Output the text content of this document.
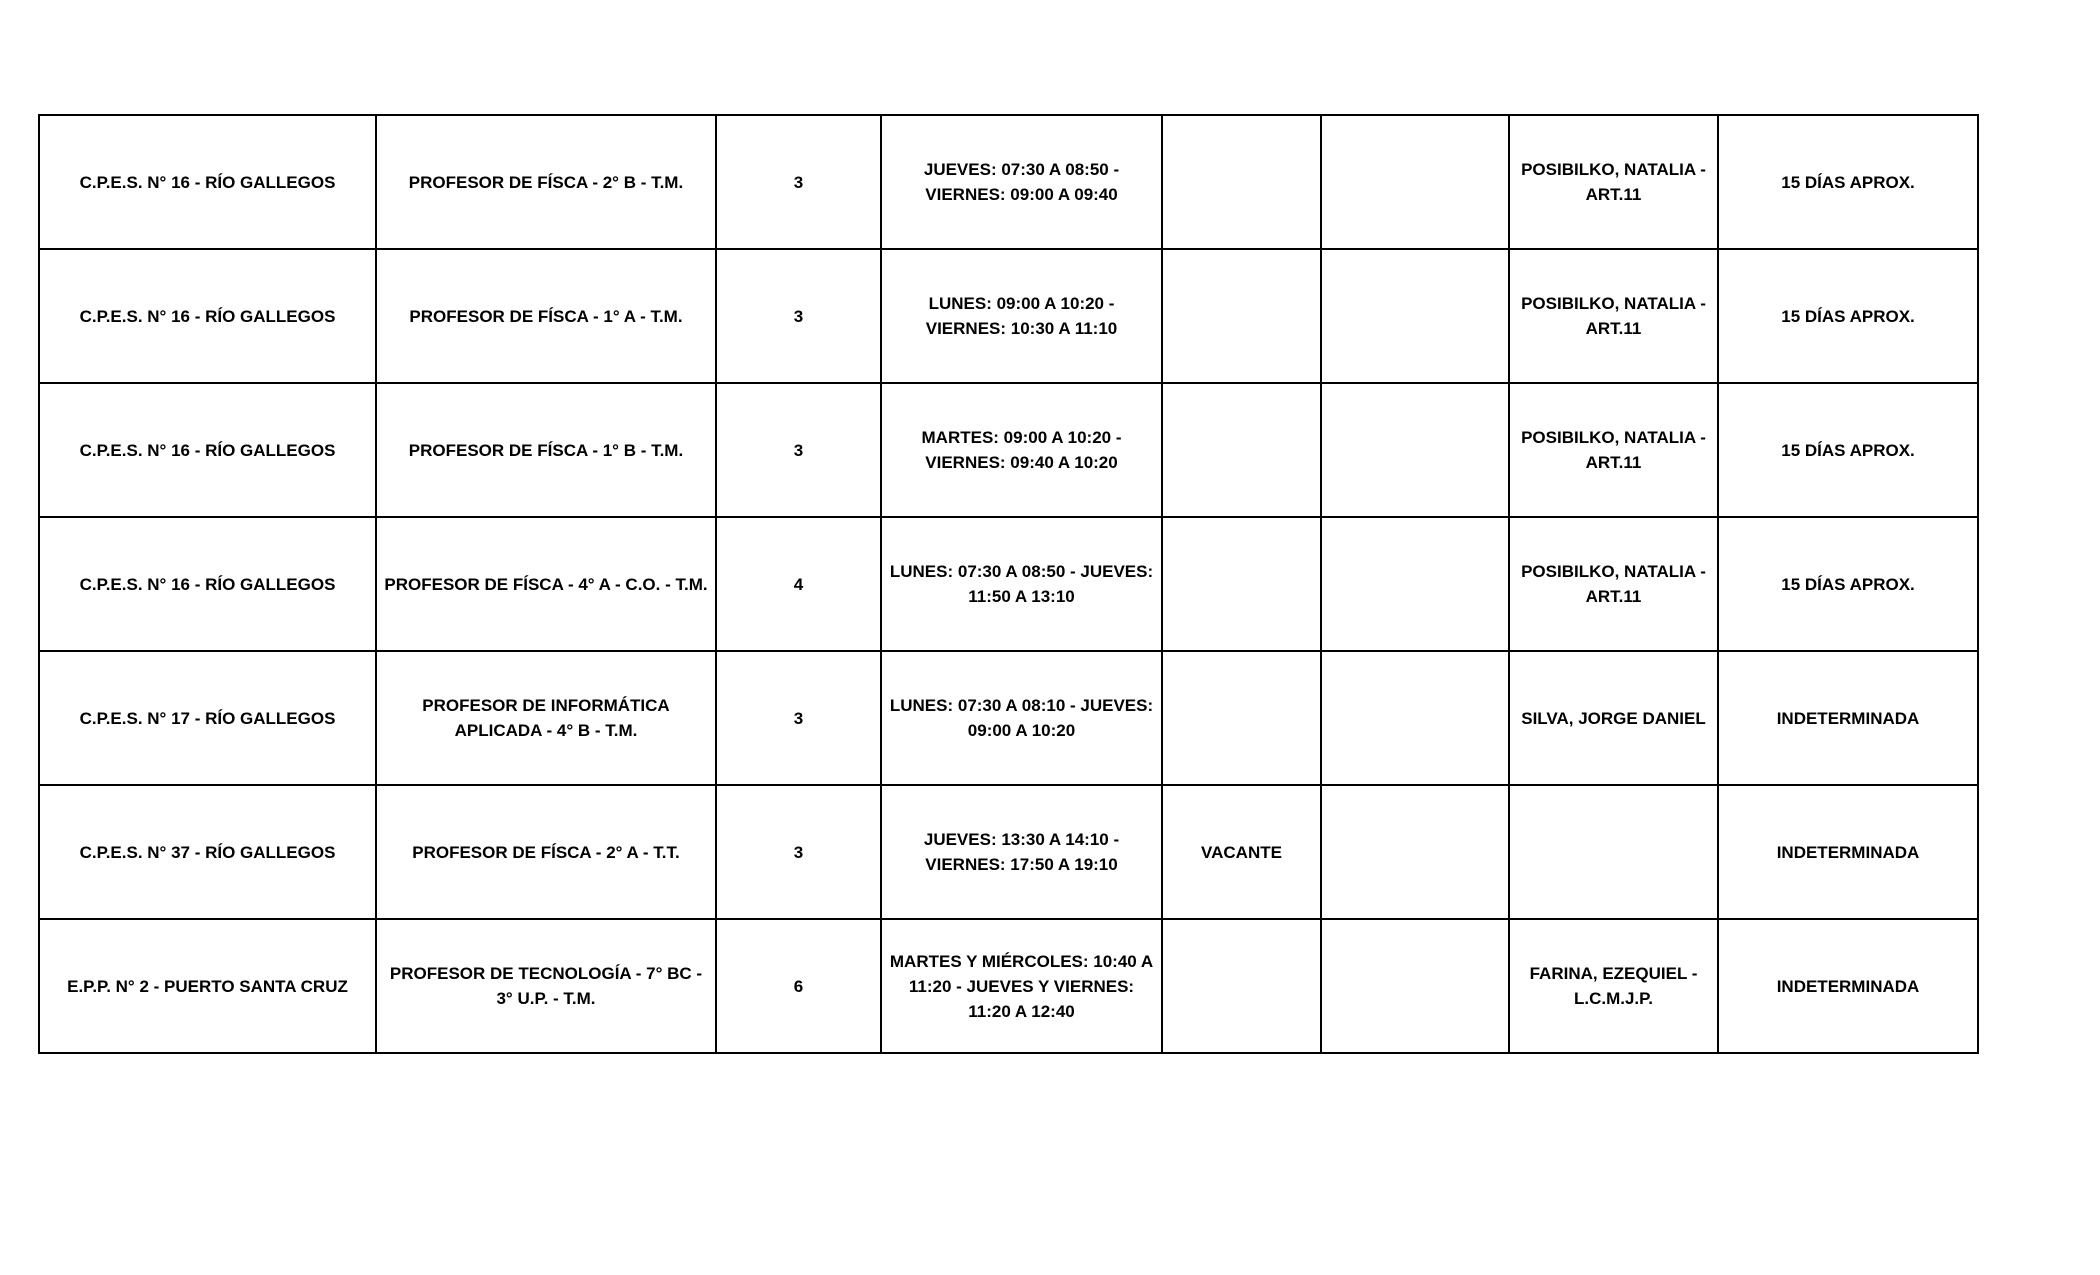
C.P.E.S. N° 16 - RÍO GALLEGOS	PROFESOR DE FÍSCA - 2° B - T.M.	3	JUEVES: 07:30 A 08:50 - VIERNES: 09:00 A 09:40			POSIBILKO, NATALIA - ART.11	15 DÍAS APROX.
C.P.E.S. N° 16 - RÍO GALLEGOS	PROFESOR DE FÍSCA - 1° A - T.M.	3	LUNES: 09:00 A 10:20 - VIERNES: 10:30 A 11:10			POSIBILKO, NATALIA - ART.11	15 DÍAS APROX.
C.P.E.S. N° 16 - RÍO GALLEGOS	PROFESOR DE FÍSCA - 1° B - T.M.	3	MARTES: 09:00 A 10:20 - VIERNES: 09:40 A 10:20			POSIBILKO, NATALIA - ART.11	15 DÍAS APROX.
C.P.E.S. N° 16 - RÍO GALLEGOS	PROFESOR DE FÍSCA - 4° A - C.O. - T.M.	4	LUNES: 07:30 A 08:50 - JUEVES: 11:50 A 13:10			POSIBILKO, NATALIA - ART.11	15 DÍAS APROX.
C.P.E.S. N° 17 - RÍO GALLEGOS	PROFESOR DE INFORMÁTICA APLICADA - 4° B - T.M.	3	LUNES: 07:30 A 08:10 - JUEVES: 09:00 A 10:20			SILVA, JORGE DANIEL	INDETERMINADA
C.P.E.S. N° 37 - RÍO GALLEGOS	PROFESOR DE FÍSCA - 2° A - T.T.	3	JUEVES: 13:30 A 14:10 - VIERNES: 17:50 A 19:10	VACANTE			INDETERMINADA
E.P.P. N° 2 - PUERTO SANTA CRUZ	PROFESOR DE TECNOLOGÍA - 7° BC - 3° U.P. - T.M.	6	MARTES Y MIÉRCOLES: 10:40 A 11:20 - JUEVES Y VIERNES: 11:20 A 12:40			FARINA, EZEQUIEL - L.C.M.J.P.	INDETERMINADA
